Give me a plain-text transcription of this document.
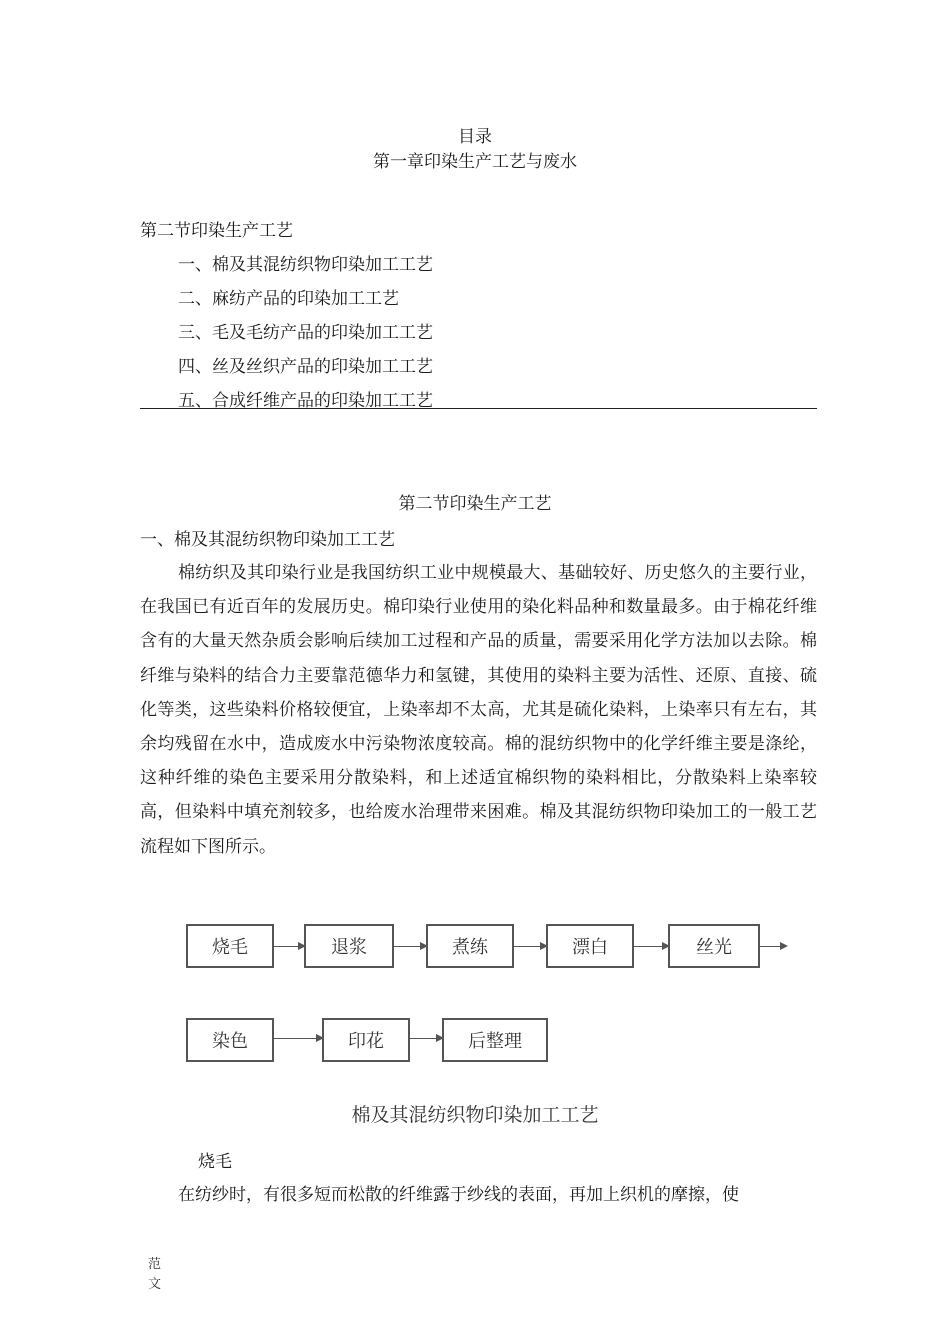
目录
第一章印染生产工艺与废水
第二节印染生产工艺
一、棉及其混纺织物印染加工工艺
二、麻纺产品的印染加工工艺
三、毛及毛纺产品的印染加工工艺
四、丝及丝织产品的印染加工工艺
五、合成纤维产品的印染加工工艺
第二节印染生产工艺
一、棉及其混纺织物印染加工工艺

棉纺织及其印染行业是我国纺织工业中规模最大、基础较好、历史悠久的主要行业，在我国已有近百年的发展历史。棉印染行业使用的染化料品种和数量最多。由于棉花纤维含有的大量天然杂质会影响后续加工过程和产品的质量，需要采用化学方法加以去除。棉纤维与染料的结合力主要靠范德华力和氢键，其使用的染料主要为活性、还原、直接、硫化等类，这些染料价格较便宜，上染率却不太高，尤其是硫化染料，上染率只有左右，其余均残留在水中，造成废水中污染物浓度较高。棉的混纺织物中的化学纤维主要是涤纶，这种纤维的染色主要采用分散染料，和上述适宜棉织物的染料相比，分散染料上染率较高，但染料中填充剂较多，也给废水治理带来困难。棉及其混纺织物印染加工的一般工艺流程如下图所示。

烧毛	退浆	煮练	漂白	丝光
染色	印花	后整理
棉及其混纺织物印染加工工艺
烧毛
在纺纱时，有很多短而松散的纤维露于纱线的表面，再加上织机的摩擦，使
范
文
